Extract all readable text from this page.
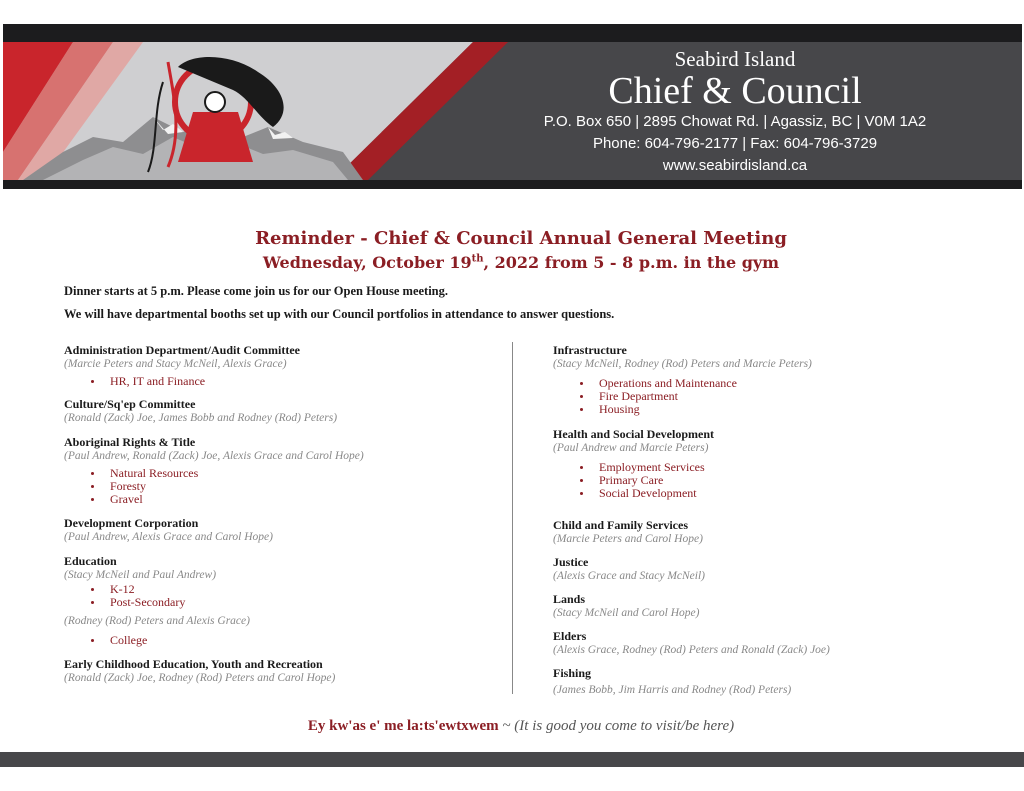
Seabird Island
Chief & Council
P.O. Box 650 | 2895 Chowat Rd. | Agassiz, BC | V0M 1A2
Phone: 604-796-2177 | Fax: 604-796-3729
www.seabirdisland.ca
Reminder - Chief & Council Annual General Meeting
Wednesday, October 19th, 2022 from 5 - 8 p.m. in the gym
Dinner starts at 5 p.m. Please come join us for our Open House meeting.
We will have departmental booths set up with our Council portfolios in attendance to answer questions.
Administration Department/Audit Committee
(Marcie Peters and Stacy McNeil, Alexis Grace)
HR, IT and Finance
Culture/Sq'ep Committee
(Ronald (Zack) Joe, James Bobb and Rodney (Rod) Peters)
Aboriginal Rights & Title
(Paul Andrew, Ronald (Zack) Joe, Alexis Grace and Carol Hope)
Natural Resources
Foresty
Gravel
Development Corporation
(Paul Andrew, Alexis Grace and Carol Hope)
Education
(Stacy McNeil and Paul Andrew)
K-12
Post-Secondary
(Rodney (Rod) Peters and Alexis Grace)
College
Early Childhood Education, Youth and Recreation
(Ronald (Zack) Joe, Rodney (Rod) Peters and Carol Hope)
Infrastructure
(Stacy McNeil, Rodney (Rod) Peters and Marcie Peters)
Operations and Maintenance
Fire Department
Housing
Health and Social Development
(Paul Andrew and Marcie Peters)
Employment Services
Primary Care
Social Development
Child and Family Services
(Marcie Peters and Carol Hope)
Justice
(Alexis Grace and Stacy McNeil)
Lands
(Stacy McNeil and Carol Hope)
Elders
(Alexis Grace, Rodney (Rod) Peters and Ronald (Zack) Joe)
Fishing
(James Bobb, Jim Harris and Rodney (Rod) Peters)
Ey kw'as e' me la:ts'ewtxwem ~ (It is good you come to visit/be here)
